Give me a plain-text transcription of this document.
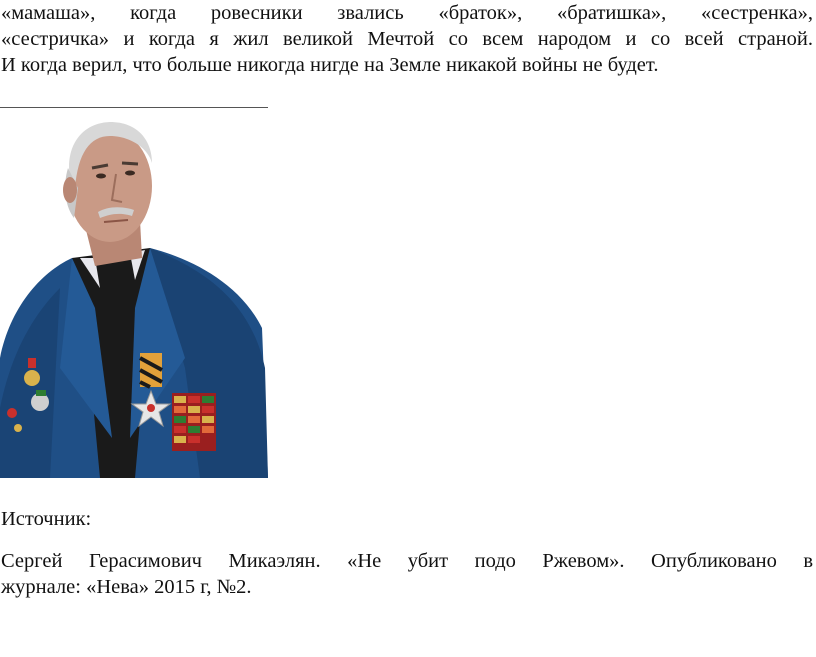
«мамаша», когда ровесники звались «браток», «братишка», «сестренка»,
«сестричка» и когда я жил великой Мечтой со всем народом и со всей страной.
И когда верил, что больше никогда нигде на Земле никакой войны не будет.
Источник:
Сергей Герасимович Микаэлян. «Не убит подо Ржевом». Опубликовано в
журнале: «Нева» 2015 г, №2.
